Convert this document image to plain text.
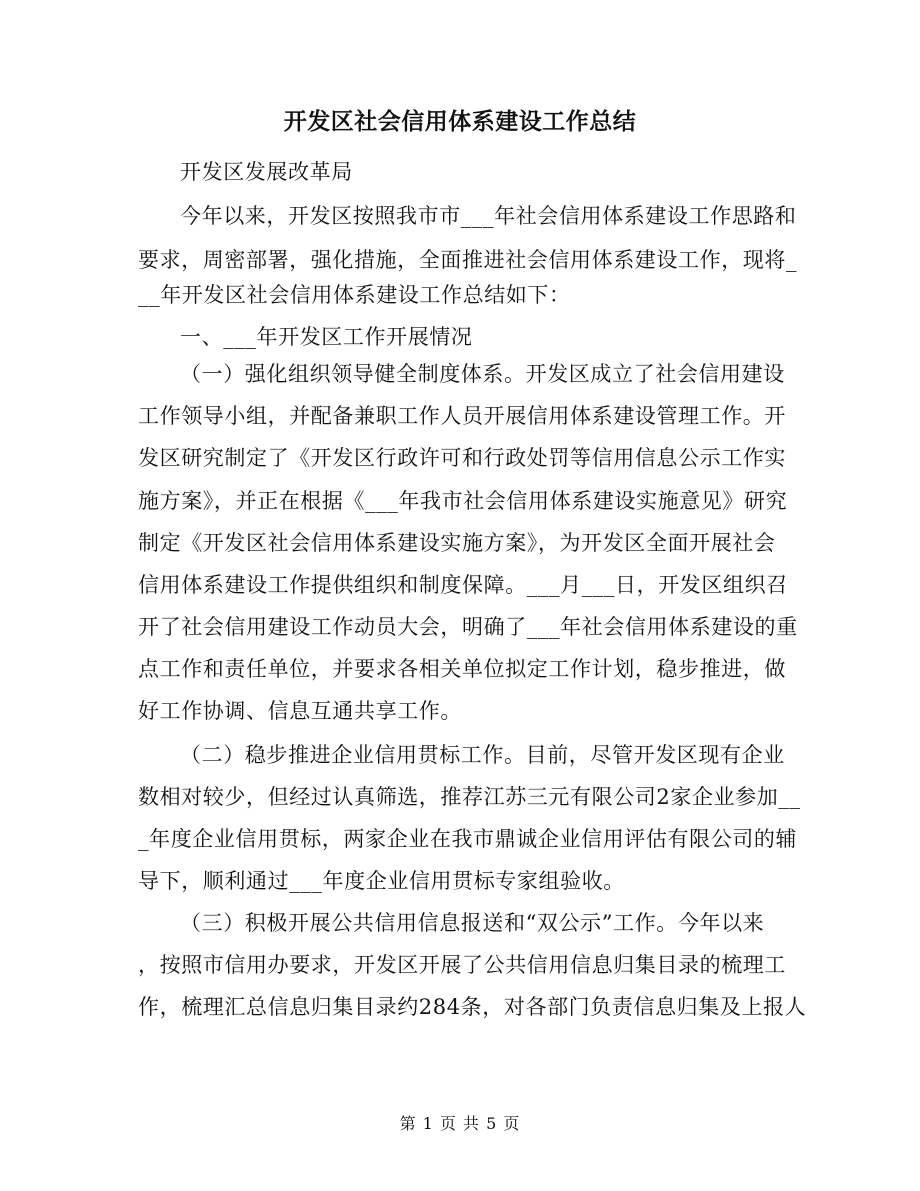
开发区社会信用体系建设工作总结
开发区发展改革局
今年以来，开发区按照我市市___年社会信用体系建设工作思路和
要求，周密部署，强化措施，全面推进社会信用体系建设工作，现将_
__年开发区社会信用体系建设工作总结如下：
一、___年开发区工作开展情况
（一）强化组织领导健全制度体系。开发区成立了社会信用建设
工作领导小组，并配备兼职工作人员开展信用体系建设管理工作。开
发区研究制定了《开发区行政许可和行政处罚等信用信息公示工作实
施方案》，并正在根据《___年我市社会信用体系建设实施意见》研究
制定《开发区社会信用体系建设实施方案》，为开发区全面开展社会
信用体系建设工作提供组织和制度保障。___月___日，开发区组织召
开了社会信用建设工作动员大会，明确了___年社会信用体系建设的重
点工作和责任单位，并要求各相关单位拟定工作计划，稳步推进，做
好工作协调、信息互通共享工作。
（二）稳步推进企业信用贯标工作。目前，尽管开发区现有企业
数相对较少，但经过认真筛选，推荐江苏三元有限公司2家企业参加__
_年度企业信用贯标，两家企业在我市鼎诚企业信用评估有限公司的辅
导下，顺利通过___年度企业信用贯标专家组验收。
（三）积极开展公共信用信息报送和“双公示”工作。今年以来
，按照市信用办要求，开发区开展了公共信用信息归集目录的梳理工
作，梳理汇总信息归集目录约284条，对各部门负责信息归集及上报人
第 1 页 共 5 页
